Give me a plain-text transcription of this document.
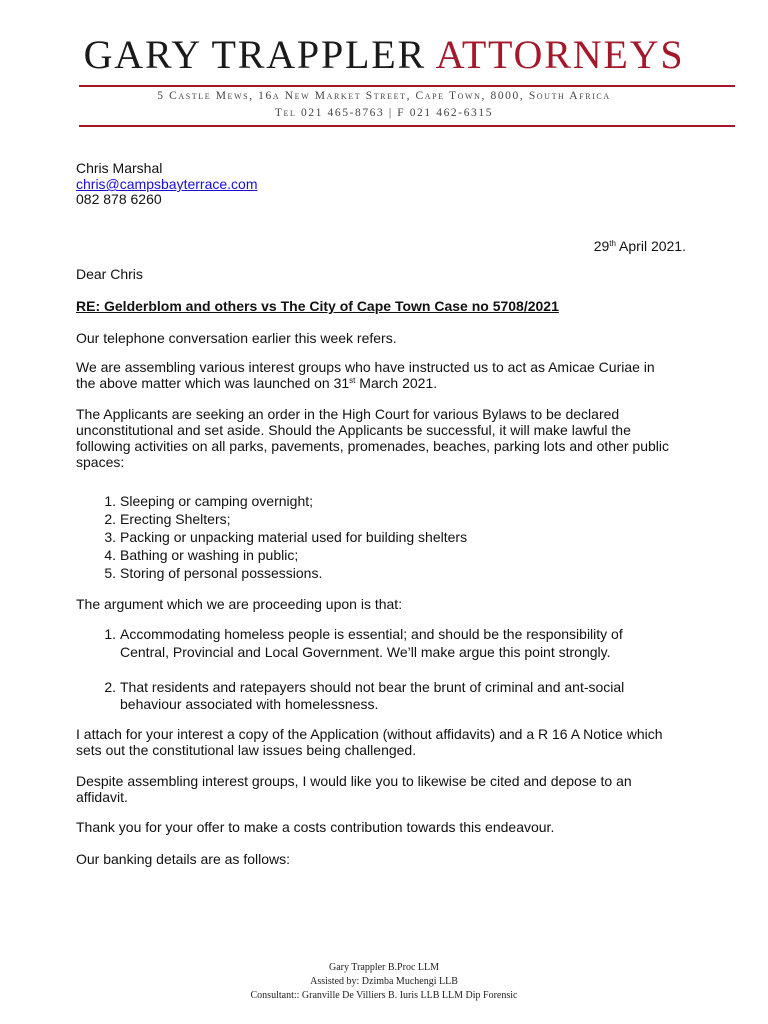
GARY TRAPPLER ATTORNEYS
5 Castle Mews, 16a New Market Street, Cape Town, 8000, South Africa
Tel 021 465-8763 | F 021 462-6315
Chris Marshal
chris@campsbayterrace.com
082 878 6260
29th April 2021.
Dear Chris
RE: Gelderblom and others vs The City of Cape Town Case no 5708/2021
Our telephone conversation earlier this week refers.
We are assembling various interest groups who have instructed us to act as Amicae Curiae in
the above matter which was launched on 31st March 2021.
The Applicants are seeking an order in the High Court for various Bylaws to be declared
unconstitutional and set aside. Should the Applicants be successful, it will make lawful the
following activities on all parks, pavements, promenades, beaches, parking lots and other public
spaces:
1. Sleeping or camping overnight;
2. Erecting Shelters;
3. Packing or unpacking material used for building shelters
4. Bathing or washing in public;
5. Storing of personal possessions.
The argument which we are proceeding upon is that:
1. Accommodating homeless people is essential; and should be the responsibility of
Central, Provincial and Local Government. We’ll make argue this point strongly.
2. That residents and ratepayers should not bear the brunt of criminal and ant-social
behaviour associated with homelessness.
I attach for your interest a copy of the Application (without affidavits) and a R 16 A Notice which
sets out the constitutional law issues being challenged.
Despite assembling interest groups, I would like you to likewise be cited and depose to an
affidavit.
Thank you for your offer to make a costs contribution towards this endeavour.
Our banking details are as follows:
Gary Trappler B.Proc LLM
Assisted by: Dzimba Muchengi LLB
Consultant:: Granville De Villiers B. Iuris LLB LLM Dip Forensic
